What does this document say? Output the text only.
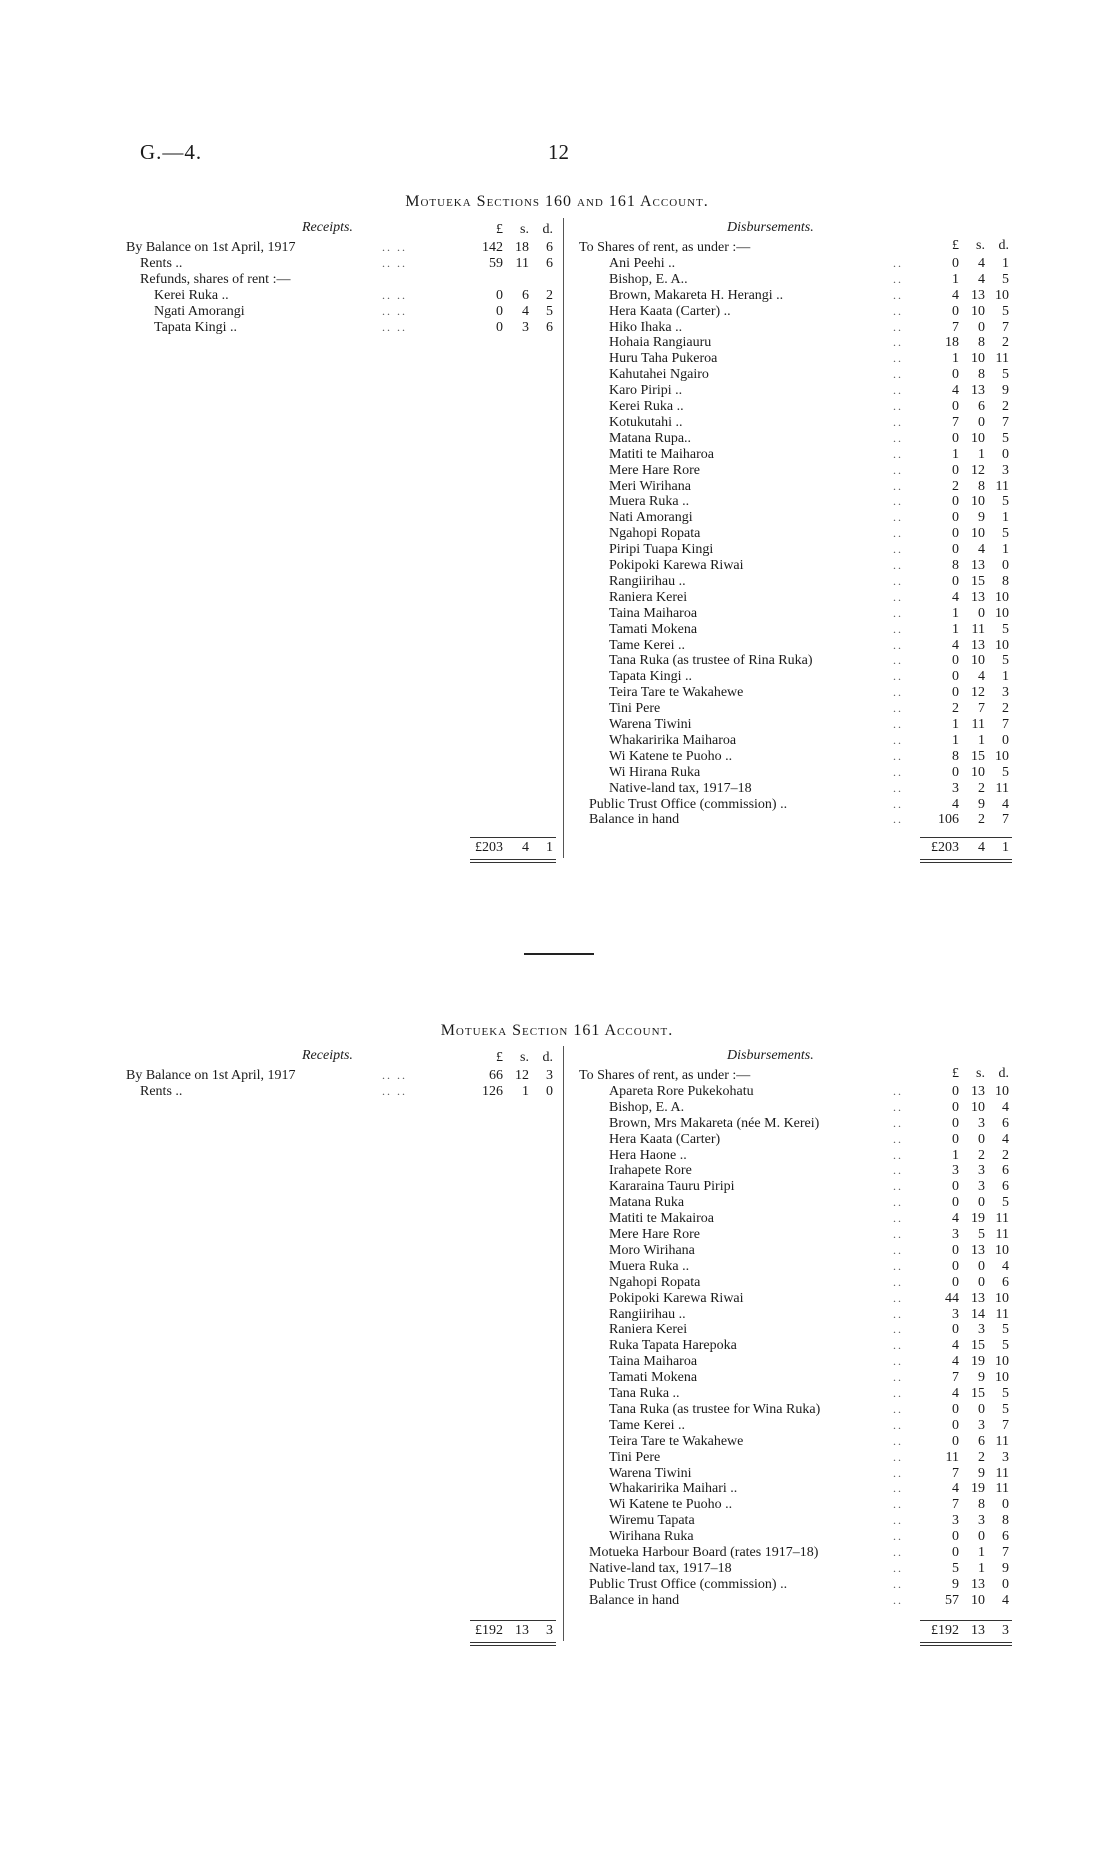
G.—4.	12
Motueka Sections 160 and 161 Account.
Receipts.	Disbursements.
£ s. d.
£ s. d.
By Balance on 1st April, 1917	.. ..	142 18 6
Rents ..	.. ..	59 11 6
Refunds, shares of rent :—
Kerei Ruka ..	.. ..	0 6 2
Ngati Amorangi	.. ..	0 4 5
Tapata Kingi ..	.. ..	0 3 6
To Shares of rent, as under :—
Ani Peehi ..	..	0 4 1
Bishop, E. A..	..	1 4 5
Brown, Makareta H. Herangi ..	..	4 13 10
Hera Kaata (Carter) ..	..	0 10 5
Hiko Ihaka ..	..	7 0 7
Hohaia Rangiauru	..	18 8 2
Huru Taha Pukeroa	..	1 10 11
Kahutahei Ngairo	..	0 8 5
Karo Piripi ..	..	4 13 9
Kerei Ruka ..	..	0 6 2
Kotukutahi ..	..	7 0 7
Matana Rupa..	..	0 10 5
Matiti te Maiharoa	..	1 1 0
Mere Hare Rore	..	0 12 3
Meri Wirihana	..	2 8 11
Muera Ruka ..	..	0 10 5
Nati Amorangi	..	0 9 1
Ngahopi Ropata	..	0 10 5
Piripi Tuapa Kingi	..	0 4 1
Pokipoki Karewa Riwai	..	8 13 0
Rangiirihau ..	..	0 15 8
Raniera Kerei	..	4 13 10
Taina Maiharoa	..	1 0 10
Tamati Mokena	..	1 11 5
Tame Kerei ..	..	4 13 10
Tana Ruka (as trustee of Rina Ruka)	..	0 10 5
Tapata Kingi ..	..	0 4 1
Teira Tare te Wakahewe	..	0 12 3
Tini Pere	..	2 7 2
Warena Tiwini	..	1 11 7
Whakaririka Maiharoa	..	1 1 0
Wi Katene te Puoho ..	..	8 15 10
Wi Hirana Ruka	..	0 10 5
Native-land tax, 1917–18	..	3 2 11
Public Trust Office (commission) ..	..	4 9 4
Balance in hand	..	106 2 7
£203 4 1	£203 4 1
Motueka Section 161 Account.
Receipts.	Disbursements.
£ s. d.
£ s. d.
By Balance on 1st April, 1917	.. ..	66 12 3
Rents ..	.. ..	126 1 0
To Shares of rent, as under :—
Apareta Rore Pukekohatu	..	0 13 10
Bishop, E. A.	..	0 10 4
Brown, Mrs Makareta (née M. Kerei)	..	0 3 6
Hera Kaata (Carter)	..	0 0 4
Hera Haone ..	..	1 2 2
Irahapete Rore	..	3 3 6
Kararaina Tauru Piripi	..	0 3 6
Matana Ruka	..	0 0 5
Matiti te Makairoa	..	4 19 11
Mere Hare Rore	..	3 5 11
Moro Wirihana	..	0 13 10
Muera Ruka ..	..	0 0 4
Ngahopi Ropata	..	0 0 6
Pokipoki Karewa Riwai	..	44 13 10
Rangiirihau ..	..	3 14 11
Raniera Kerei	..	0 3 5
Ruka Tapata Harepoka	..	4 15 5
Taina Maiharoa	..	4 19 10
Tamati Mokena	..	7 9 10
Tana Ruka ..	..	4 15 5
Tana Ruka (as trustee for Wina Ruka)	..	0 0 5
Tame Kerei ..	..	0 3 7
Teira Tare te Wakahewe	..	0 6 11
Tini Pere	..	11 2 3
Warena Tiwini	..	7 9 11
Whakaririka Maihari ..	..	4 19 11
Wi Katene te Puoho ..	..	7 8 0
Wiremu Tapata	..	3 3 8
Wirihana Ruka	..	0 0 6
Motueka Harbour Board (rates 1917–18)	..	0 1 7
Native-land tax, 1917–18	..	5 1 9
Public Trust Office (commission) ..	..	9 13 0
Balance in hand	..	57 10 4
£192 13 3	£192 13 3
